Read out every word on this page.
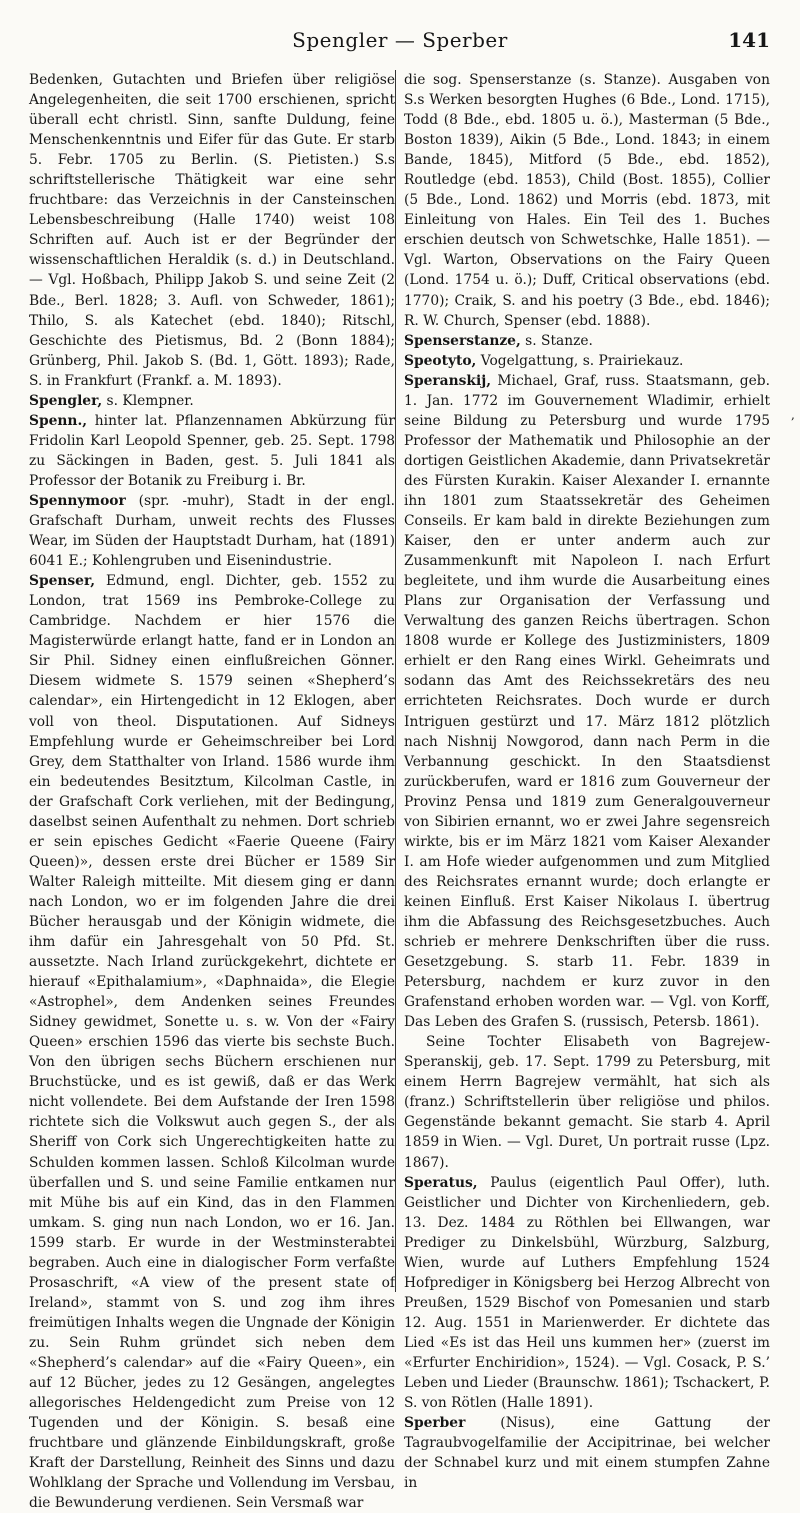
Spengler — Sperber	141

Bedenken, Gutachten und Briefen über religiöse Angelegenheiten, die seit 1700 erschienen, spricht überall echt christl. Sinn, sanfte Duldung, feine Menschenkenntnis und Eifer für das Gute. Er starb 5. Febr. 1705 zu Berlin. (S. Pietisten.) S.s schriftstellerische Thätigkeit war eine sehr fruchtbare: das Verzeichnis in der Cansteinschen Lebensbeschreibung (Halle 1740) weist 108 Schriften auf. Auch ist er der Begründer der wissenschaftlichen Heraldik (s. d.) in Deutschland. — Vgl. Hoßbach, Philipp Jakob S. und seine Zeit (2 Bde., Berl. 1828; 3. Aufl. von Schweder, 1861); Thilo, S. als Katechet (ebd. 1840); Ritschl, Geschichte des Pietismus, Bd. 2 (Bonn 1884); Grünberg, Phil. Jakob S. (Bd. 1, Gött. 1893); Rade, S. in Frankfurt (Frankf. a. M. 1893).

Spengler, s. Klempner.

Spenn., hinter lat. Pflanzennamen Abkürzung für Fridolin Karl Leopold Spenner, geb. 25. Sept. 1798 zu Säckingen in Baden, gest. 5. Juli 1841 als Professor der Botanik zu Freiburg i. Br.

Spennymoor (spr. -muhr), Stadt in der engl. Grafschaft Durham, unweit rechts des Flusses Wear, im Süden der Hauptstadt Durham, hat (1891) 6041 E.; Kohlengruben und Eisenindustrie.

Spenser, Edmund, engl. Dichter, geb. 1552 zu London, trat 1569 ins Pembroke-College zu Cambridge. Nachdem er hier 1576 die Magisterwürde erlangt hatte, fand er in London an Sir Phil. Sidney einen einflußreichen Gönner. Diesem widmete S. 1579 seinen «Shepherd’s calendar», ein Hirtengedicht in 12 Eklogen, aber voll von theol. Disputationen. Auf Sidneys Empfehlung wurde er Geheimschreiber bei Lord Grey, dem Statthalter von Irland. 1586 wurde ihm ein bedeutendes Besitztum, Kilcolman Castle, in der Grafschaft Cork verliehen, mit der Bedingung, daselbst seinen Aufenthalt zu nehmen. Dort schrieb er sein episches Gedicht «Faerie Queene (Fairy Queen)», dessen erste drei Bücher er 1589 Sir Walter Raleigh mitteilte. Mit diesem ging er dann nach London, wo er im folgenden Jahre die drei Bücher herausgab und der Königin widmete, die ihm dafür ein Jahresgehalt von 50 Pfd. St. aussetzte. Nach Irland zurückgekehrt, dichtete er hierauf «Epithalamium», «Daphnaida», die Elegie «Astrophel», dem Andenken seines Freundes Sidney gewidmet, Sonette u. s. w. Von der «Fairy Queen» erschien 1596 das vierte bis sechste Buch. Von den übrigen sechs Büchern erschienen nur Bruchstücke, und es ist gewiß, daß er das Werk nicht vollendete. Bei dem Aufstande der Iren 1598 richtete sich die Volkswut auch gegen S., der als Sheriff von Cork sich Ungerechtigkeiten hatte zu Schulden kommen lassen. Schloß Kilcolman wurde überfallen und S. und seine Familie entkamen nur mit Mühe bis auf ein Kind, das in den Flammen umkam. S. ging nun nach London, wo er 16. Jan. 1599 starb. Er wurde in der Westminsterabtei begraben. Auch eine in dialogischer Form verfaßte Prosaschrift, «A view of the present state of Ireland», stammt von S. und zog ihm ihres freimütigen Inhalts wegen die Ungnade der Königin zu. Sein Ruhm gründet sich neben dem «Shepherd’s calendar» auf die «Fairy Queen», ein auf 12 Bücher, jedes zu 12 Gesängen, angelegtes allegorisches Heldengedicht zum Preise von 12 Tugenden und der Königin. S. besaß eine fruchtbare und glänzende Einbildungskraft, große Kraft der Darstellung, Reinheit des Sinns und dazu Wohlklang der Sprache und Vollendung im Versbau, die Bewunderung verdienen. Sein Versmaß war

die sog. Spenserstanze (s. Stanze). Ausgaben von S.s Werken besorgten Hughes (6 Bde., Lond. 1715), Todd (8 Bde., ebd. 1805 u. ö.), Masterman (5 Bde., Boston 1839), Aikin (5 Bde., Lond. 1843; in einem Bande, 1845), Mitford (5 Bde., ebd. 1852), Routledge (ebd. 1853), Child (Bost. 1855), Collier (5 Bde., Lond. 1862) und Morris (ebd. 1873, mit Einleitung von Hales. Ein Teil des 1. Buches erschien deutsch von Schwetschke, Halle 1851). — Vgl. Warton, Observations on the Fairy Queen (Lond. 1754 u. ö.); Duff, Critical observations (ebd. 1770); Craik, S. and his poetry (3 Bde., ebd. 1846); R. W. Church, Spenser (ebd. 1888).

Spenserstanze, s. Stanze.

Speotyto, Vogelgattung, s. Prairiekauz.

Speranskij, Michael, Graf, russ. Staatsmann, geb. 1. Jan. 1772 im Gouvernement Wladimir, erhielt seine Bildung zu Petersburg und wurde 1795 Professor der Mathematik und Philosophie an der dortigen Geistlichen Akademie, dann Privatsekretär des Fürsten Kurakin. Kaiser Alexander I. ernannte ihn 1801 zum Staatssekretär des Geheimen Conseils. Er kam bald in direkte Beziehungen zum Kaiser, den er unter anderm auch zur Zusammenkunft mit Napoleon I. nach Erfurt begleitete, und ihm wurde die Ausarbeitung eines Plans zur Organisation der Verfassung und Verwaltung des ganzen Reichs übertragen. Schon 1808 wurde er Kollege des Justizministers, 1809 erhielt er den Rang eines Wirkl. Geheimrats und sodann das Amt des Reichssekretärs des neu errichteten Reichsrates. Doch wurde er durch Intriguen gestürzt und 17. März 1812 plötzlich nach Nishnij Nowgorod, dann nach Perm in die Verbannung geschickt. In den Staatsdienst zurückberufen, ward er 1816 zum Gouverneur der Provinz Pensa und 1819 zum Generalgouverneur von Sibirien ernannt, wo er zwei Jahre segensreich wirkte, bis er im März 1821 vom Kaiser Alexander I. am Hofe wieder aufgenommen und zum Mitglied des Reichsrates ernannt wurde; doch erlangte er keinen Einfluß. Erst Kaiser Nikolaus I. übertrug ihm die Abfassung des Reichsgesetzbuches. Auch schrieb er mehrere Denkschriften über die russ. Gesetzgebung. S. starb 11. Febr. 1839 in Petersburg, nachdem er kurz zuvor in den Grafenstand erhoben worden war. — Vgl. von Korff, Das Leben des Grafen S. (russisch, Petersb. 1861).

Seine Tochter Elisabeth von Bagrejew-Speranskij, geb. 17. Sept. 1799 zu Petersburg, mit einem Herrn Bagrejew vermählt, hat sich als (franz.) Schriftstellerin über religiöse und philos. Gegenstände bekannt gemacht. Sie starb 4. April 1859 in Wien. — Vgl. Duret, Un portrait russe (Lpz. 1867).

Speratus, Paulus (eigentlich Paul Offer), luth. Geistlicher und Dichter von Kirchenliedern, geb. 13. Dez. 1484 zu Röthlen bei Ellwangen, war Prediger zu Dinkelsbühl, Würzburg, Salzburg, Wien, wurde auf Luthers Empfehlung 1524 Hofprediger in Königsberg bei Herzog Albrecht von Preußen, 1529 Bischof von Pomesanien und starb 12. Aug. 1551 in Marienwerder. Er dichtete das Lied «Es ist das Heil uns kummen her» (zuerst im «Erfurter Enchiridion», 1524). — Vgl. Cosack, P. S.’ Leben und Lieder (Braunschw. 1861); Tschackert, P. S. von Rötlen (Halle 1891).

Sperber (Nisus), eine Gattung der Tagraubvogelfamilie der Accipitrinae, bei welcher der Schnabel kurz und mit einem stumpfen Zahne in

,
